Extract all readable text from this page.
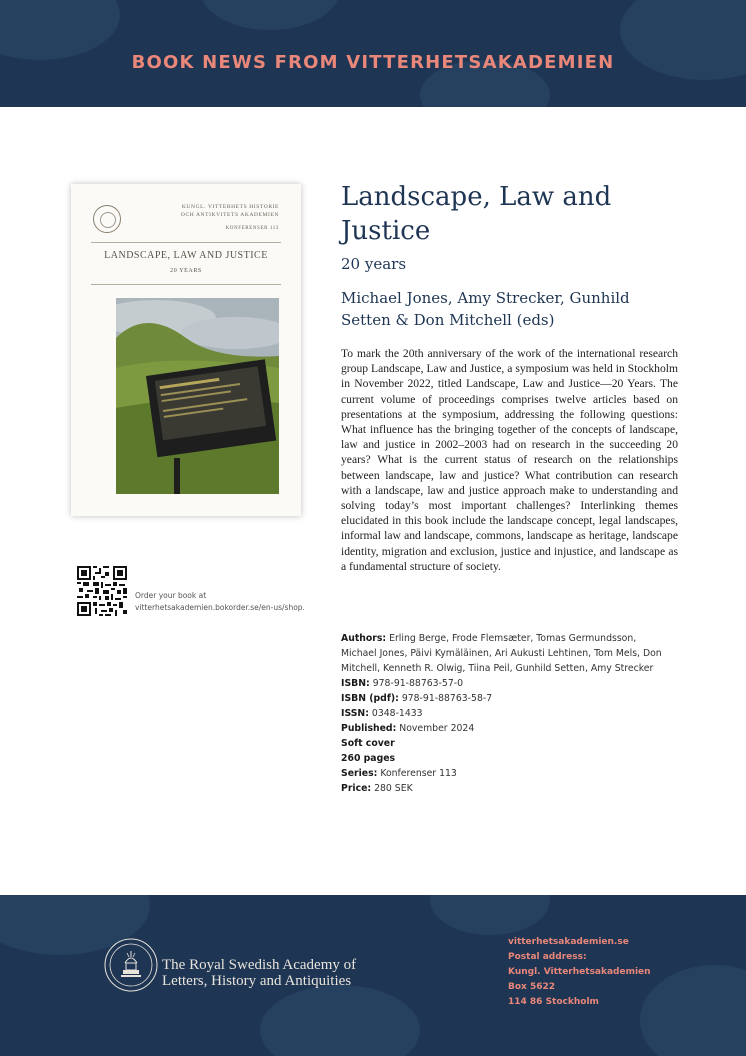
BOOK NEWS FROM VITTERHETSAKADEMIEN
KUNGL. VITTERHETS HISTORIE
OCH ANTIKVITETS AKADEMIEN
KONFERENSER 113
LANDSCAPE, LAW AND JUSTICE
20 YEARS
Landscape, Law and Justice
20 years
Michael Jones, Amy Strecker, Gunhild Setten & Don Mitchell (eds)
To mark the 20th anniversary of the work of the international research group Landscape, Law and Justice, a symposium was held in Stockholm in November 2022, titled Landscape, Law and Justice—20 Years. The current volume of proceedings comprises twelve articles based on presentations at the symposium, addressing the following questions: What influence has the bringing together of the concepts of landscape, law and justice in 2002–2003 had on research in the succeeding 20 years? What is the current status of research on the relationships between landscape, law and justice? What contribution can research with a landscape, law and justice approach make to understanding and solving today’s most important challenges? Interlinking themes elucidated in this book include the landscape concept, legal landscapes, informal law and landscape, commons, landscape as heritage, landscape identity, migration and exclusion, justice and injustice, and landscape as a fundamental structure of society.
Authors: Erling Berge, Frode Flemsæter, Tomas Germundsson, Michael Jones, Päivi Kymäläinen, Ari Aukusti Lehtinen, Tom Mels, Don Mitchell, Kenneth R. Olwig, Tiina Peil, Gunhild Setten, Amy Strecker
ISBN: 978-91-88763-57-0
ISBN (pdf): 978-91-88763-58-7
ISSN: 0348-1433
Published: November 2024
Soft cover
260 pages
Series: Konferenser 113
Price: 280 SEK
Order your book at
vitterhetsakademien.bokorder.se/en-us/shop.
The Royal Swedish Academy of
Letters, History and Antiquities
vitterhetsakademien.se
Postal address:
Kungl. Vitterhetsakademien
Box 5622
114 86 Stockholm
